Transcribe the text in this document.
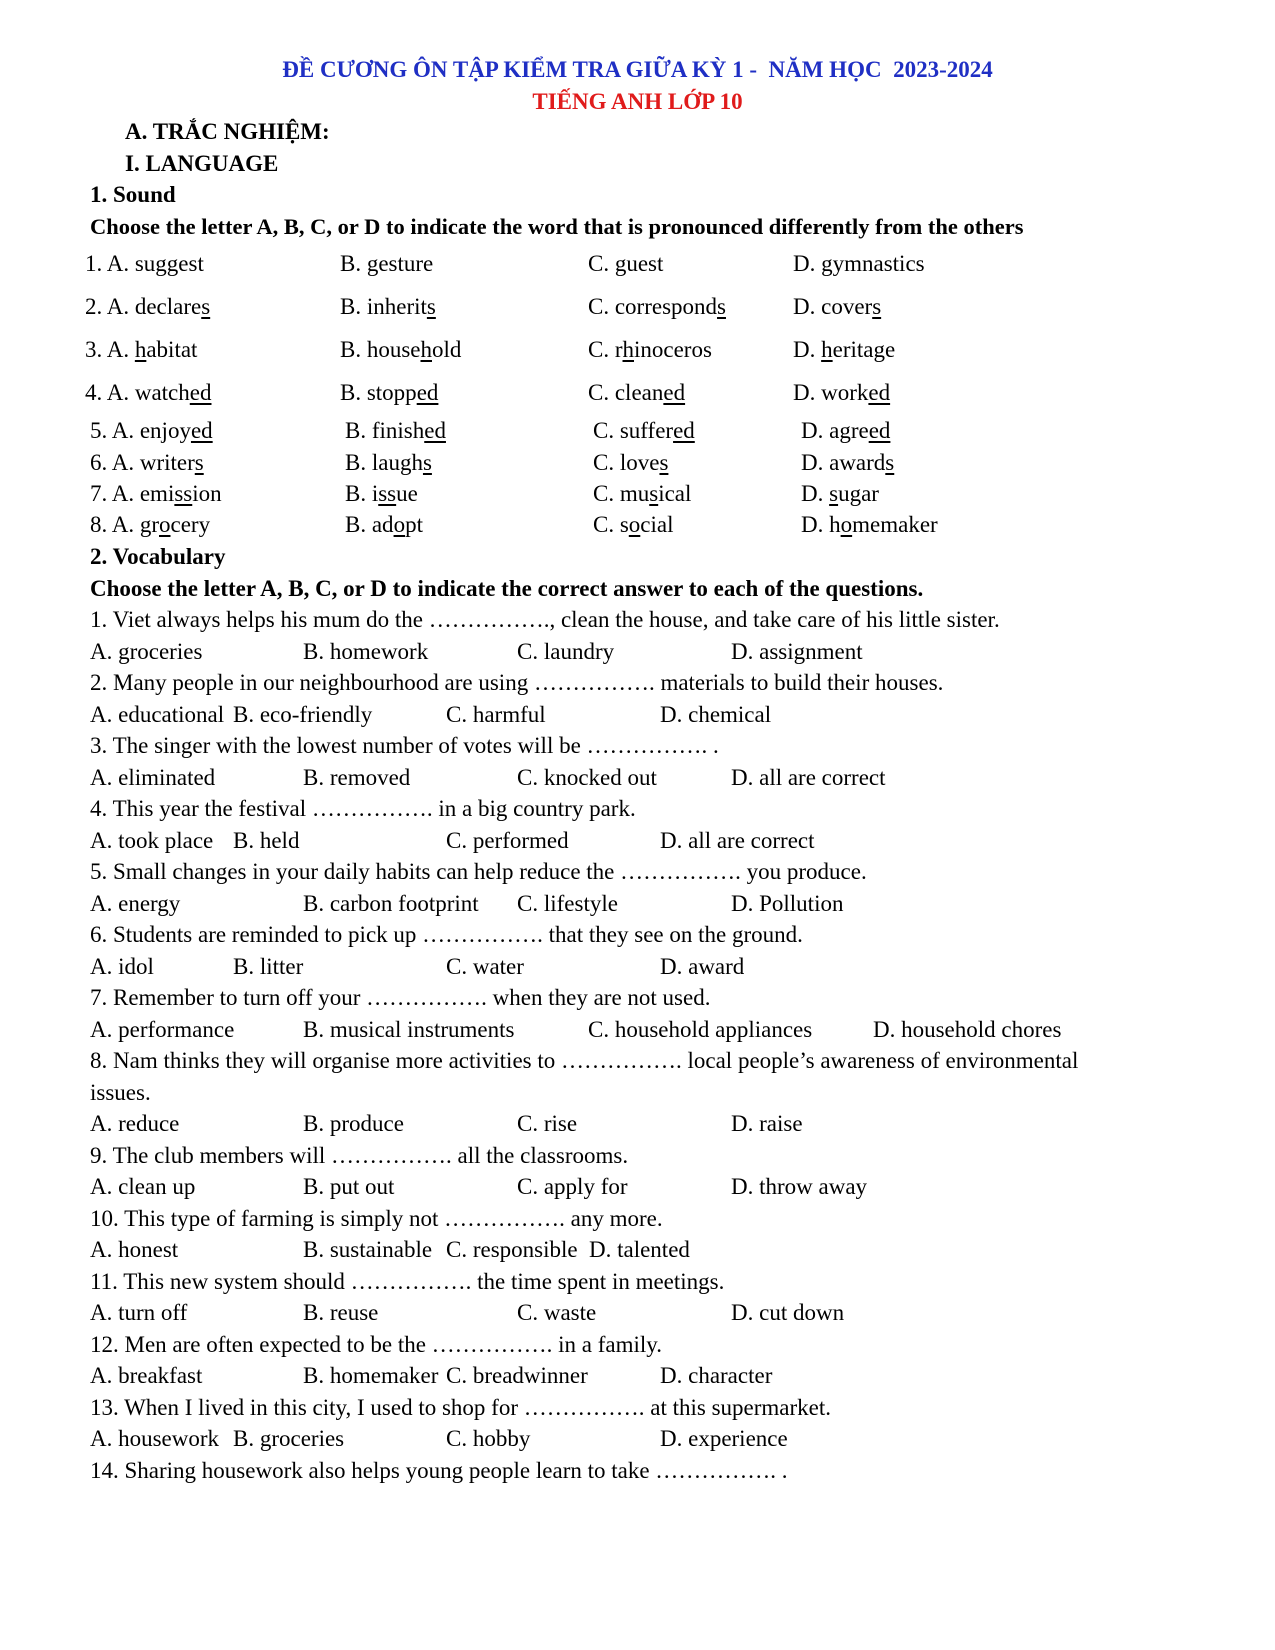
ĐỀ CƯƠNG ÔN TẬP KIỂM TRA GIỮA KỲ 1 -  NĂM HỌC  2023-2024
TIẾNG ANH LỚP 10
A. TRẮC NGHIỆM:
I. LANGUAGE
1. Sound
Choose the letter A, B, C, or D to indicate the word that is pronounced differently from the others
1. A. suggest	B. gesture	C. guest	D. gymnastics
2. A. declares	B. inherits	C. corresponds	D. covers
3. A. habitat	B. household	C. rhinoceros	D. heritage
4. A. watched	B. stopped	C. cleaned	D. worked
5. A. enjoyed	B. finished	C. suffered	D. agreed
6. A. writers	B. laughs	C. loves	D. awards
7. A. emission	B. issue	C. musical	D. sugar
8. A. grocery	B. adopt	C. social	D. homemaker
2. Vocabulary
Choose the letter A, B, C, or D to indicate the correct answer to each of the questions.
1. Viet always helps his mum do the ……………., clean the house, and take care of his little sister.
A. groceries	B. homework	C. laundry	D. assignment
2. Many people in our neighbourhood are using ……………. materials to build their houses.
A. educational B. eco-friendly	C. harmful	D. chemical
3. The singer with the lowest number of votes will be ……………. .
A. eliminated	B. removed	C. knocked out	D. all are correct
4. This year the festival ……………. in a big country park.
A. took place B. held	C. performed	D. all are correct
5. Small changes in your daily habits can help reduce the ……………. you produce.
A. energy	B. carbon footprint C. lifestyle	D. Pollution
6. Students are reminded to pick up ……………. that they see on the ground.
A. idol	B. litter	C. water	D. award
7. Remember to turn off your ……………. when they are not used.
A. performance	B. musical instruments	C. household appliances	D. household chores
8. Nam thinks they will organise more activities to ……………. local people’s awareness of environmental
issues.
A. reduce	B. produce	C. rise	D. raise
9. The club members will ……………. all the classrooms.
A. clean up	B. put out	C. apply for	D. throw away
10. This type of farming is simply not ……………. any more.
A. honest	B. sustainable C. responsible D. talented
11. This new system should ……………. the time spent in meetings.
A. turn off	B. reuse	C. waste	D. cut down
12. Men are often expected to be the ……………. in a family.
A. breakfast	B. homemaker C. breadwinner	D. character
13. When I lived in this city, I used to shop for ……………. at this supermarket.
A. housework B. groceries	C. hobby	D. experience
14. Sharing housework also helps young people learn to take ……………. .
